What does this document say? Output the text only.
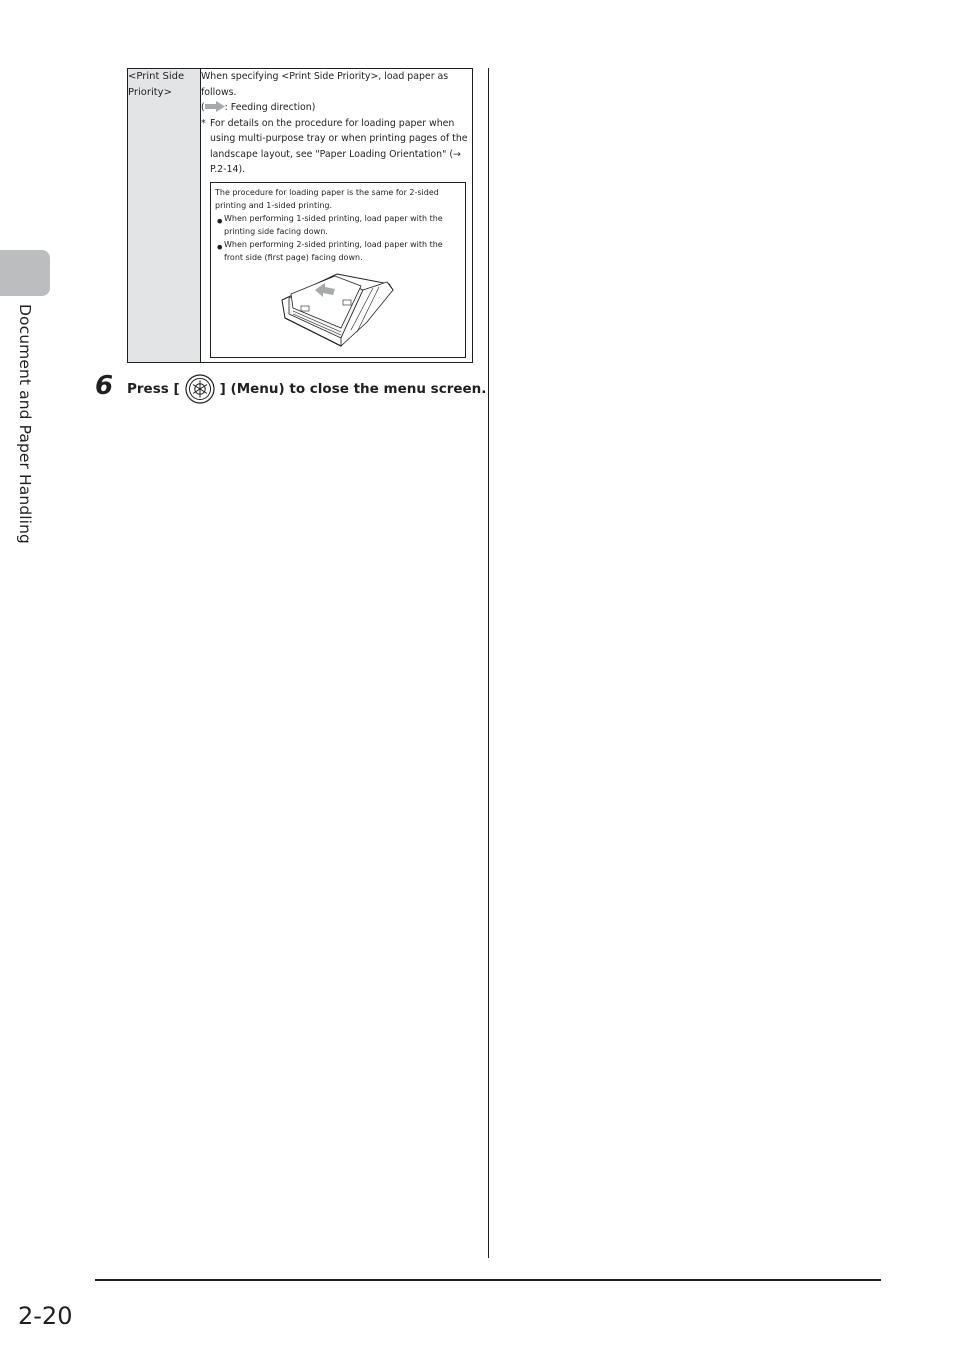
Document and Paper Handling
<Print Side Priority>	

When specifying <Print Side Priority>, load paper as follows.

( : Feeding direction)

* For details on the procedure for loading paper when using multi-purpose tray or when printing pages of the landscape layout, see "Paper Loading Orientation" (→ P.2-14).

The procedure for loading paper is the same for 2-sided printing and 1-sided printing.

• When performing 1-sided printing, load paper with the printing side facing down.

• When performing 2-sided printing, load paper with the front side (first page) facing down.

6	Press [	] (Menu) to close the menu screen.
2-20
